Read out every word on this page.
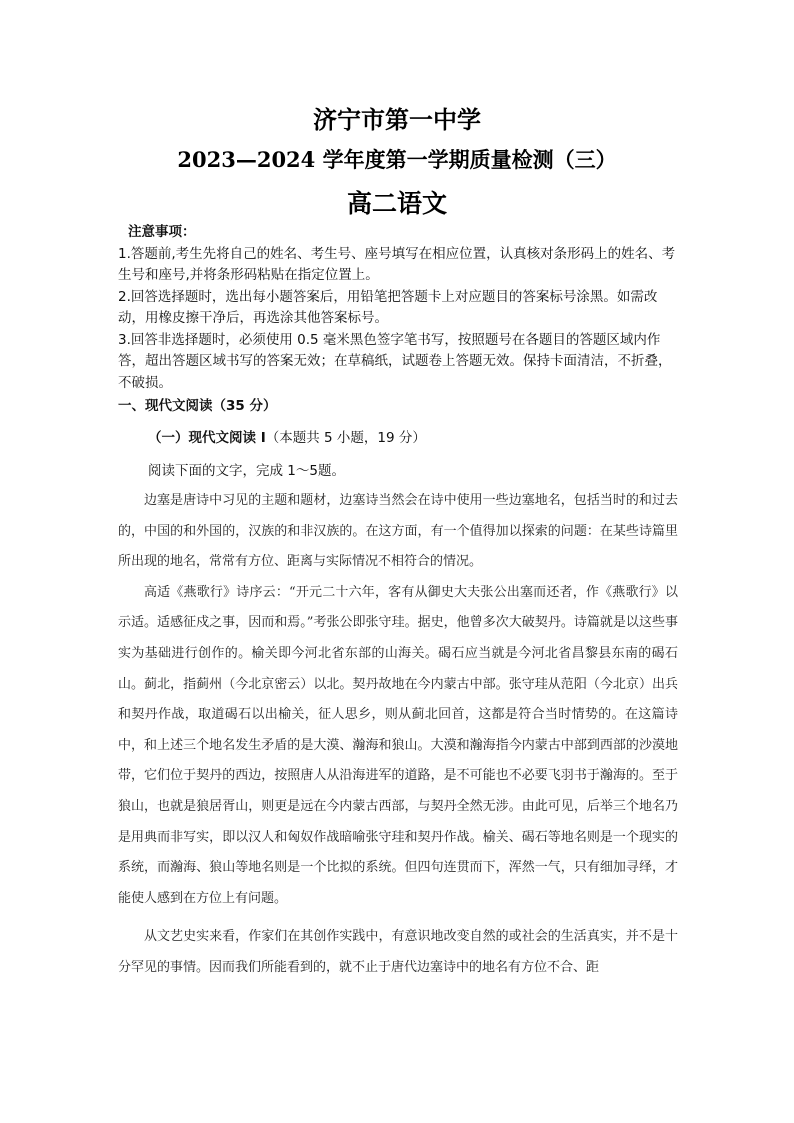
济宁市第一中学
2023—2024 学年度第一学期质量检测（三）
高二语文
注意事项：

1.答题前,考生先将自己的姓名、考生号、座号填写在相应位置，认真核对条形码上的姓名、考生号和座号,并将条形码粘贴在指定位置上。

2.回答选择题时，选出每小题答案后，用铅笔把答题卡上对应题目的答案标号涂黑。如需改动，用橡皮擦干净后，再选涂其他答案标号。

3.回答非选择题时，必须使用 0.5 毫米黑色签字笔书写，按照题号在各题目的答题区域内作答，超出答题区域书写的答案无效；在草稿纸，试题卷上答题无效。保持卡面清洁，不折叠，不破损。

一、现代文阅读（35 分）
（一）现代文阅读 I（本题共 5 小题，19 分）
阅读下面的文字，完成 1～5题。

边塞是唐诗中习见的主题和题材，边塞诗当然会在诗中使用一些边塞地名，包括当时的和过去的，中国的和外国的，汉族的和非汉族的。在这方面，有一个值得加以探索的问题：在某些诗篇里所出现的地名，常常有方位、距离与实际情况不相符合的情况。

高适《燕歌行》诗序云：“开元二十六年，客有从御史大夫张公出塞而还者，作《燕歌行》以示适。适感征戍之事，因而和焉。”考张公即张守珪。据史，他曾多次大破契丹。诗篇就是以这些事实为基础进行创作的。榆关即今河北省东部的山海关。碣石应当就是今河北省昌黎县东南的碣石山。蓟北，指蓟州（今北京密云）以北。契丹故地在今内蒙古中部。张守珪从范阳（今北京）出兵和契丹作战，取道碣石以出榆关，征人思乡，则从蓟北回首，这都是符合当时情势的。在这篇诗中，和上述三个地名发生矛盾的是大漠、瀚海和狼山。大漠和瀚海指今内蒙古中部到西部的沙漠地带，它们位于契丹的西边，按照唐人从沿海进军的道路，是不可能也不必要飞羽书于瀚海的。至于狼山，也就是狼居胥山，则更是远在今内蒙古西部，与契丹全然无涉。由此可见，后举三个地名乃是用典而非写实，即以汉人和匈奴作战暗喻张守珪和契丹作战。榆关、碣石等地名则是一个现实的系统，而瀚海、狼山等地名则是一个比拟的系统。但四句连贯而下，浑然一气，只有细加寻绎，才能使人感到在方位上有问题。

从文艺史实来看，作家们在其创作实践中，有意识地改变自然的或社会的生活真实，并不是十分罕见的事情。因而我们所能看到的，就不止于唐代边塞诗中的地名有方位不合、距
